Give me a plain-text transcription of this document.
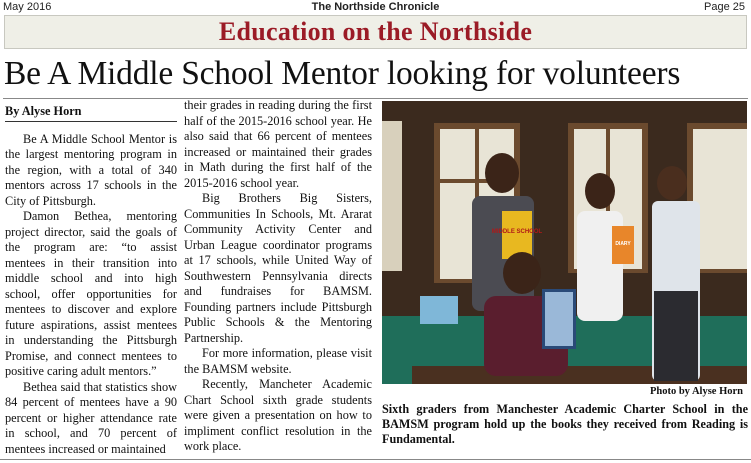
May 2016	The Northside Chronicle	Page 25
Education on the Northside
Be A Middle School Mentor looking for volunteers
By Alyse Horn

Be A Middle School Mentor is the largest mentoring program in the region, with a total of 340 mentors across 17 schools in the City of Pittsburgh.

Damon Bethea, mentoring project director, said the goals of the program are: “to assist mentees in their transition into middle school and into high school, offer opportunities for mentees to discover and explore future aspirations, assist mentees in understanding the Pittsburgh Promise, and connect mentees to positive caring adult mentors.”

Bethea said that statistics show 84 percent of mentees have a 90 percent or higher attendance rate in school, and 70 percent of mentees increased or maintained

their grades in reading during the first half of the 2015-2016 school year. He also said that 66 percent of mentees increased or maintained their grades in Math during the first half of the 2015-2016 school year.

Big Brothers Big Sisters, Communities In Schools, Mt. Ararat Community Activity Center and Urban League coordinator programs at 17 schools, while United Way of Southwestern Pennsylvania directs and fundraises for BAMSM. Founding partners include Pittsburgh Public Schools & the Mentoring Partnership.

For more information, please visit the BAMSM website.

Recently, Mancheter Academic Chart School sixth grade students were given a presentation on how to impliment conflict resolution in the work place.

MIDDLE SCHOOL
DIARY
Photo by Alyse Horn
Sixth graders from Manchester Academic Charter School in the BAMSM program hold up the books they received from Reading is Fundamental.
